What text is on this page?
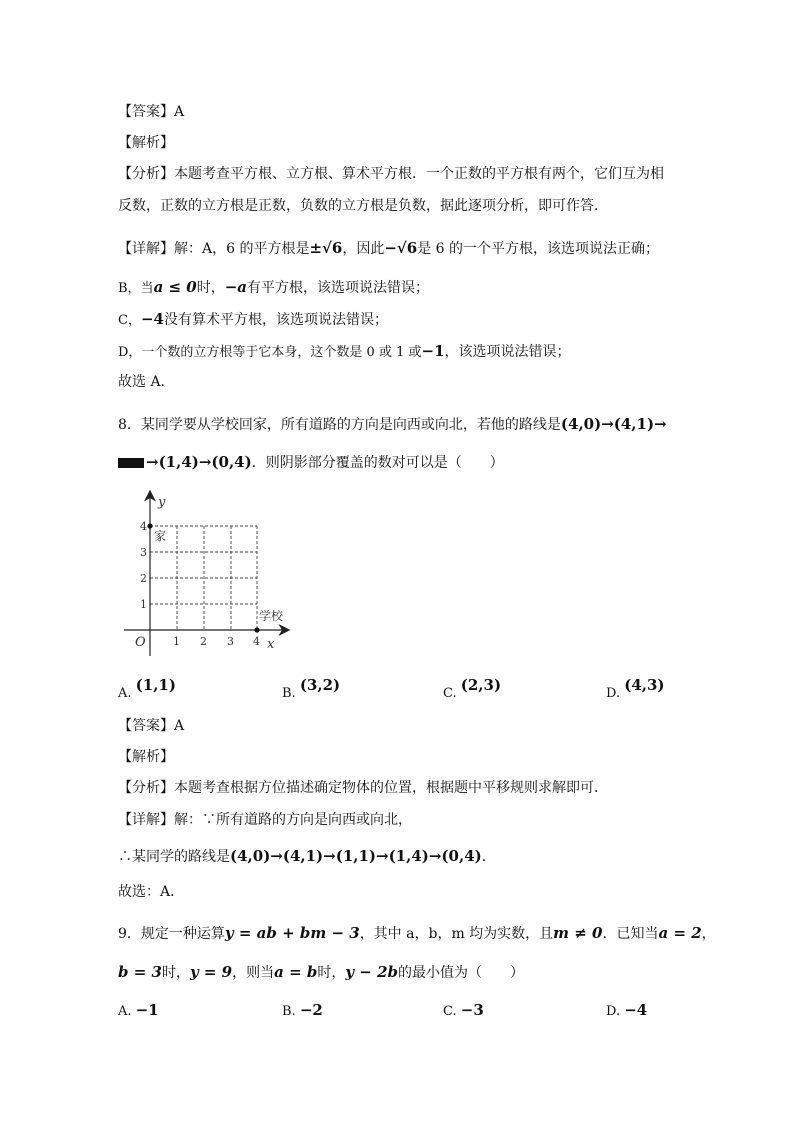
【答案】A
【解析】
【分析】本题考查平方根、立方根、算术平方根．一个正数的平方根有两个，它们互为相
反数，正数的立方根是正数，负数的立方根是负数，据此逐项分析，即可作答．
【详解】解：A，6 的平方根是±√6，因此−√6是 6 的一个平方根，该选项说法正确；
B，当a ≤ 0时，−a有平方根，该选项说法错误；
C，−4没有算术平方根，该选项说法错误；
D，一个数的立方根等于它本身，这个数是 0 或 1 或−1，该选项说法错误；
故选 A．
8．某同学要从学校回家，所有道路的方向是向西或向北，若他的路线是(4,0)→(4,1)→
→(1,4)→(0,4)．则阴影部分覆盖的数对可以是（　　）
y
x
O
家
学校
1 2 3 4
1
2
3
4
A. (1,1)	B. (3,2)	C. (2,3)	D. (4,3)
【答案】A
【解析】
【分析】本题考查根据方位描述确定物体的位置，根据题中平移规则求解即可．
【详解】解：∵所有道路的方向是向西或向北，
∴某同学的路线是(4,0)→(4,1)→(1,1)→(1,4)→(0,4)．
故选：A．
9．规定一种运算y = ab + bm − 3，其中 a，b，m 均为实数，且m ≠ 0．已知当a = 2，
b = 3时，y = 9，则当a = b时，y − 2b的最小值为（　　）
A. −1	B. −2	C. −3	D. −4
